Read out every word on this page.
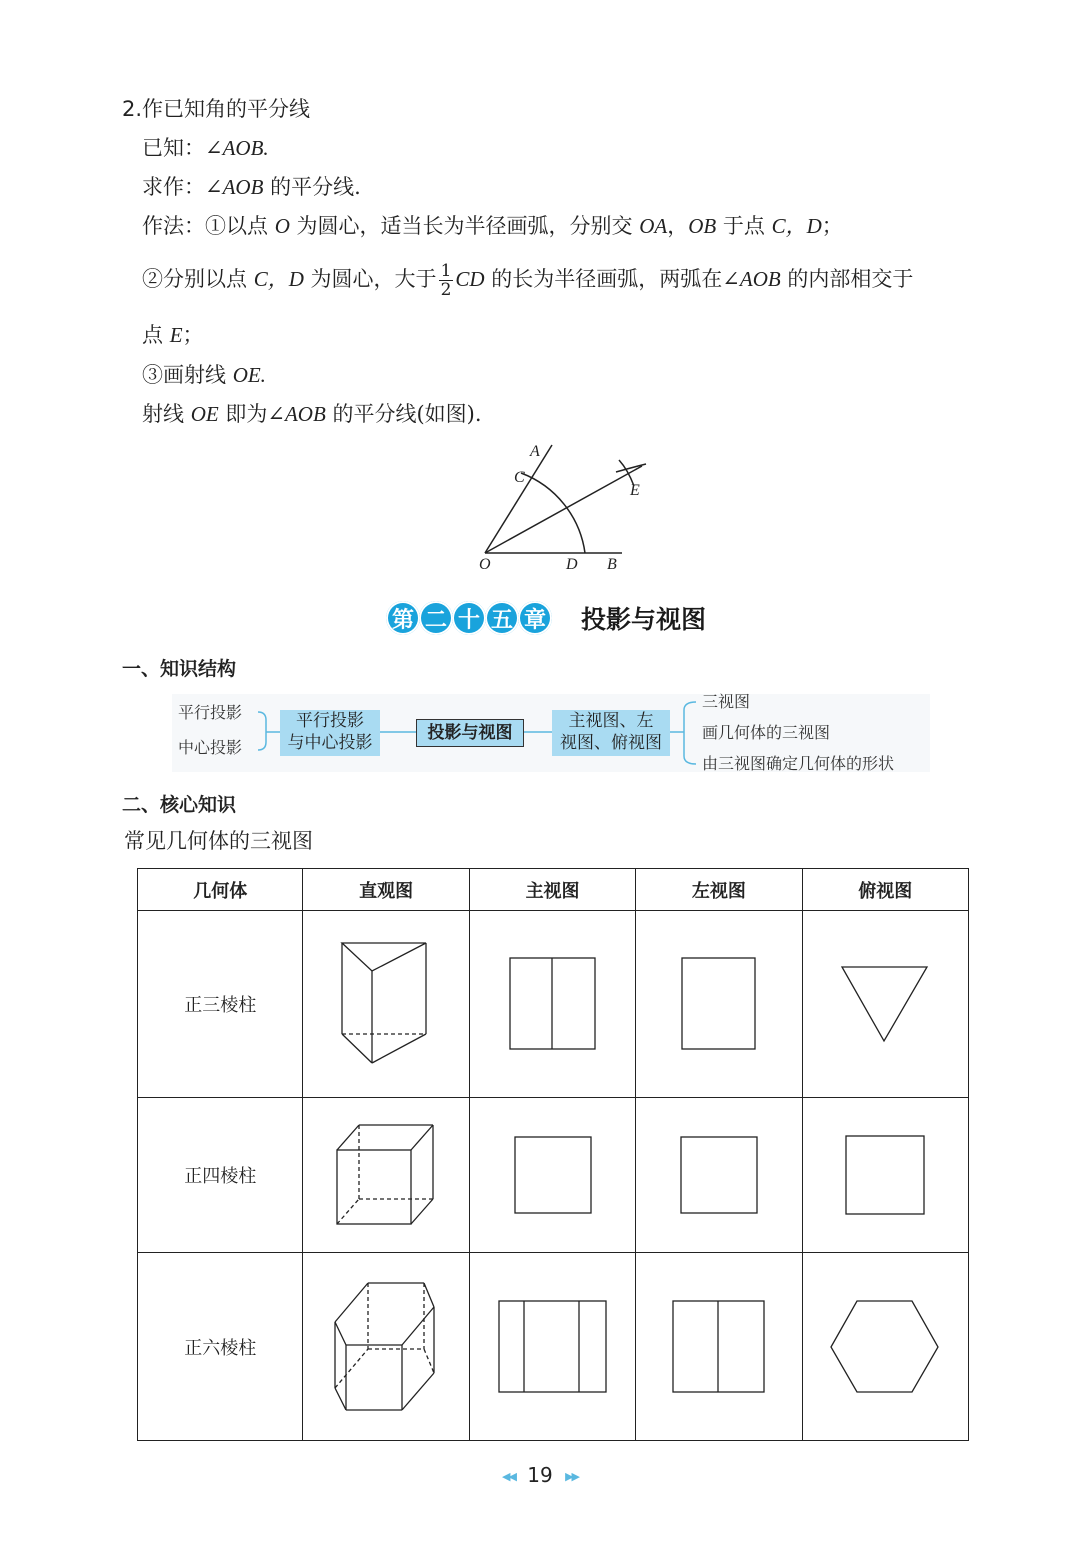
2.作已知角的平分线
已知：∠AOB.
求作：∠AOB 的平分线.
作法：①以点 O 为圆心，适当长为半径画弧，分别交 OA，OB 于点 C，D；
②分别以点 C，D 为圆心，大于 $\frac{1}{2}$ CD 的长为半径画弧，两弧在∠AOB 的内部相交于
点 E；
③画射线 OE.
射线 OE 即为∠AOB 的平分线(如图).
A
C
E
O	D B
第 二 十 五 章 投影与视图
一、知识结构
平行投影
中心投影
平行投影
与中心投影	投影与视图
主视图、左
视图、俯视图
三视图
画几何体的三视图
由三视图确定几何体的形状
二、核心知识
常见几何体的三视图
几何体	直观图	主视图	左视图	俯视图
正三棱柱	

正四棱柱	

正六棱柱	

◀◀ 19 ▶▶
